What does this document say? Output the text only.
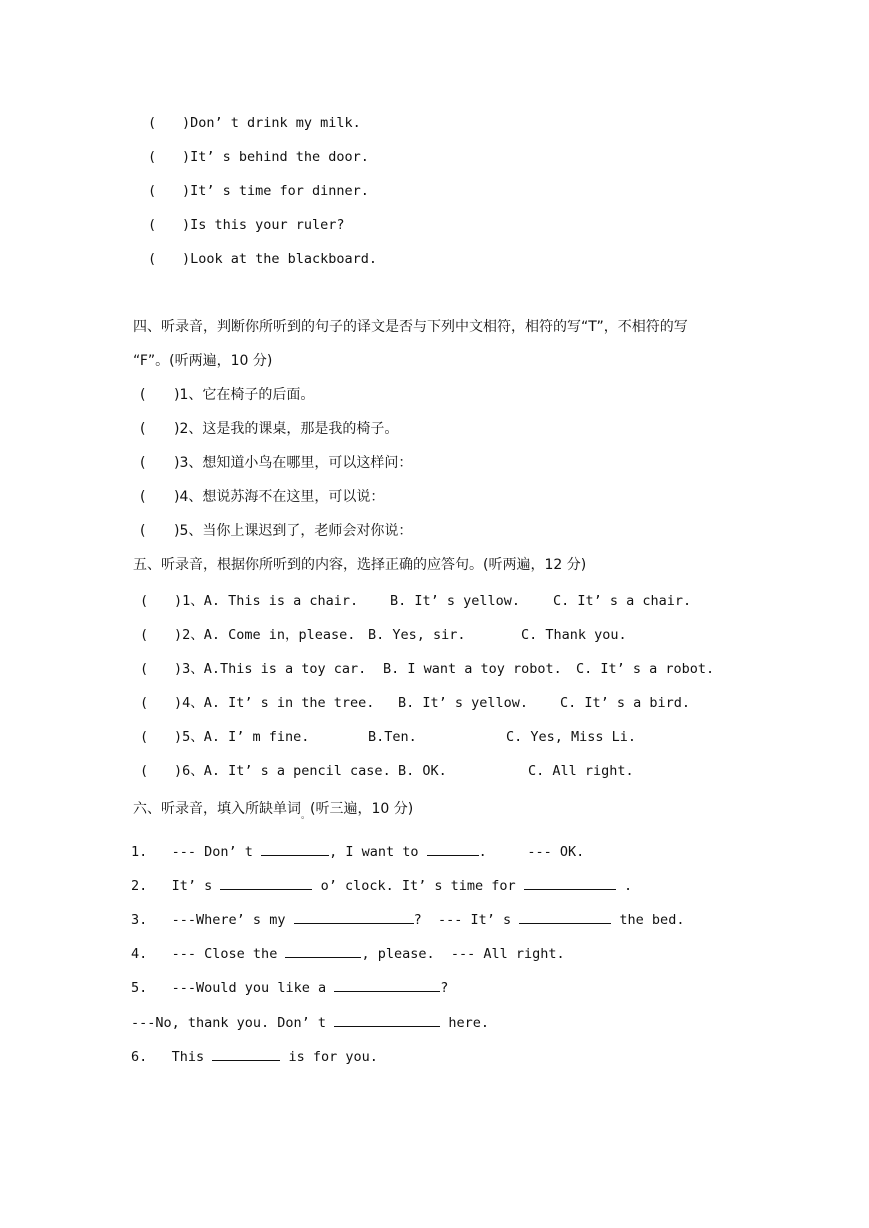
( )Don’ t drink my milk.
( )It’ s behind the door.
( )It’ s time for dinner.
( )Is this your ruler?
( )Look at the blackboard.
四、听录音，判断你所听到的句子的译文是否与下列中文相符，相符的写“T”，不相符的写
“F”。(听两遍，10 分)
( )1、它在椅子的后面。
( )2、这是我的课桌，那是我的椅子。
( )3、想知道小鸟在哪里，可以这样问：
( )4、想说苏海不在这里，可以说：
( )5、当你上课迟到了，老师会对你说：
五、听录音，根据你所听到的内容，选择正确的应答句。(听两遍，12 分)
( )1、A. This is a chair. B. It’ s yellow. C. It’ s a chair.
( )2、A. Come in，please. B. Yes, sir.	C. Thank you.
( )3、A.This is a toy car. B. I want a toy robot. C. It’ s a robot.
( )4、A. It’ s in the tree. B. It’ s yellow. C. It’ s a bird.
( )5、A. I’ m fine.	B.Ten.	C. Yes, Miss Li.
( )6、A. It’ s a pencil case. B. OK.	C. All right.
六、听录音，填入所缺单词$_。$(听三遍，10 分)
1. --- Don’ t	, I want to	.	--- OK.
2. It’ s	o’ clock. It’ s time for	.
3. ---Where’ s my	?  --- It’ s	the bed.
4. --- Close the	, please. --- All right.
5. ---Would you like a	?
---No, thank you. Don’ t	here.
6. This	is for you.
